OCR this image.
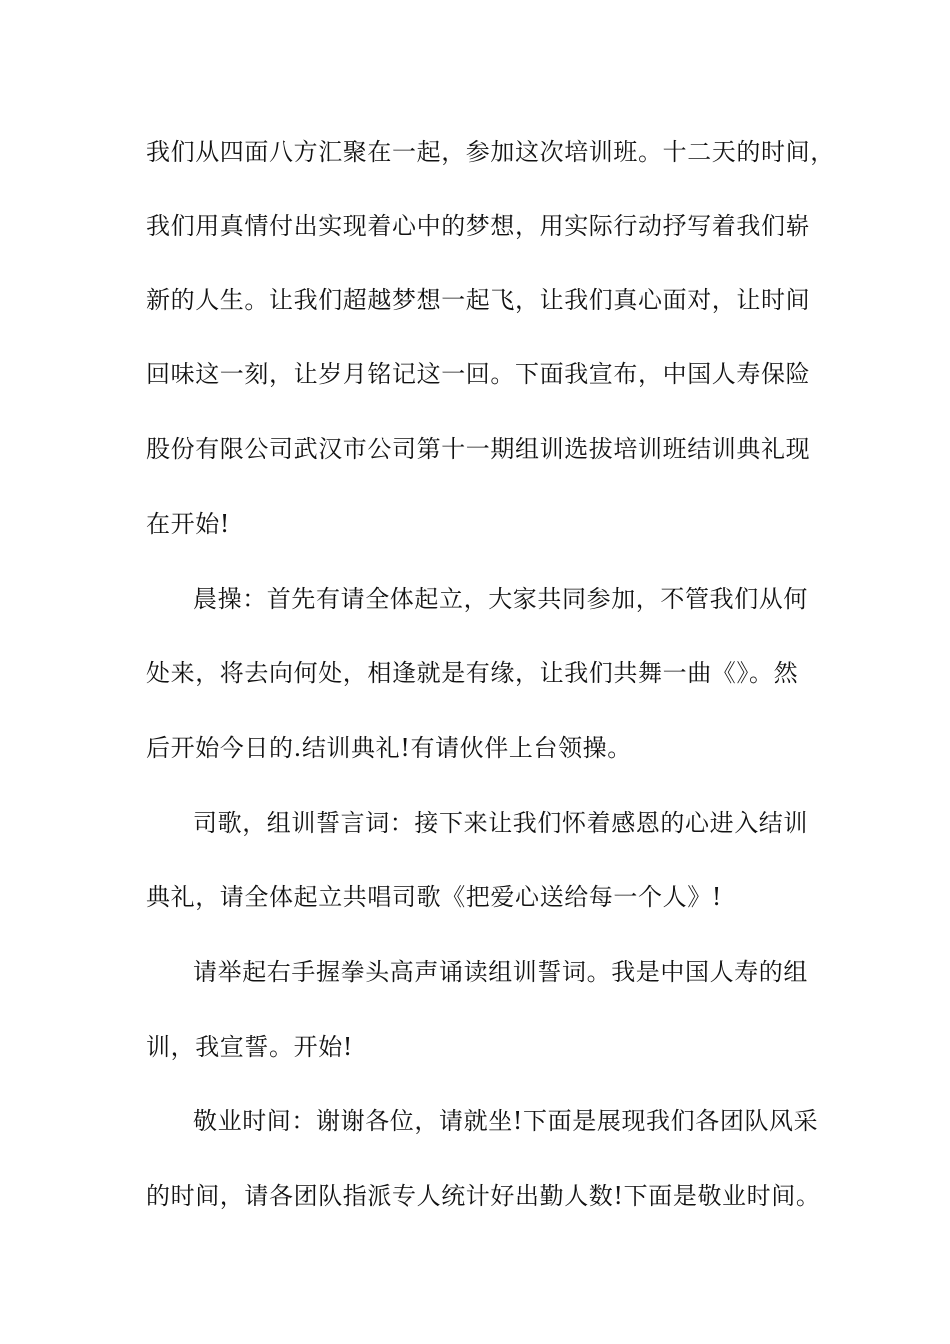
我们从四面八方汇聚在一起，参加这次培训班。十二天的时间，
我们用真情付出实现着心中的梦想，用实际行动抒写着我们崭
新的人生。让我们超越梦想一起飞，让我们真心面对，让时间
回味这一刻，让岁月铭记这一回。下面我宣布，中国人寿保险
股份有限公司武汉市公司第十一期组训选拔培训班结训典礼现
在开始!
晨操：首先有请全体起立，大家共同参加，不管我们从何
处来，将去向何处，相逢就是有缘，让我们共舞一曲《》。然
后开始今日的.结训典礼!有请伙伴上台领操。
司歌，组训誓言词：接下来让我们怀着感恩的心进入结训
典礼，请全体起立共唱司歌《把爱心送给每一个人》!
请举起右手握拳头高声诵读组训誓词。我是中国人寿的组
训，我宣誓。开始!
敬业时间：谢谢各位，请就坐!下面是展现我们各团队风采
的时间，请各团队指派专人统计好出勤人数!下面是敬业时间。
